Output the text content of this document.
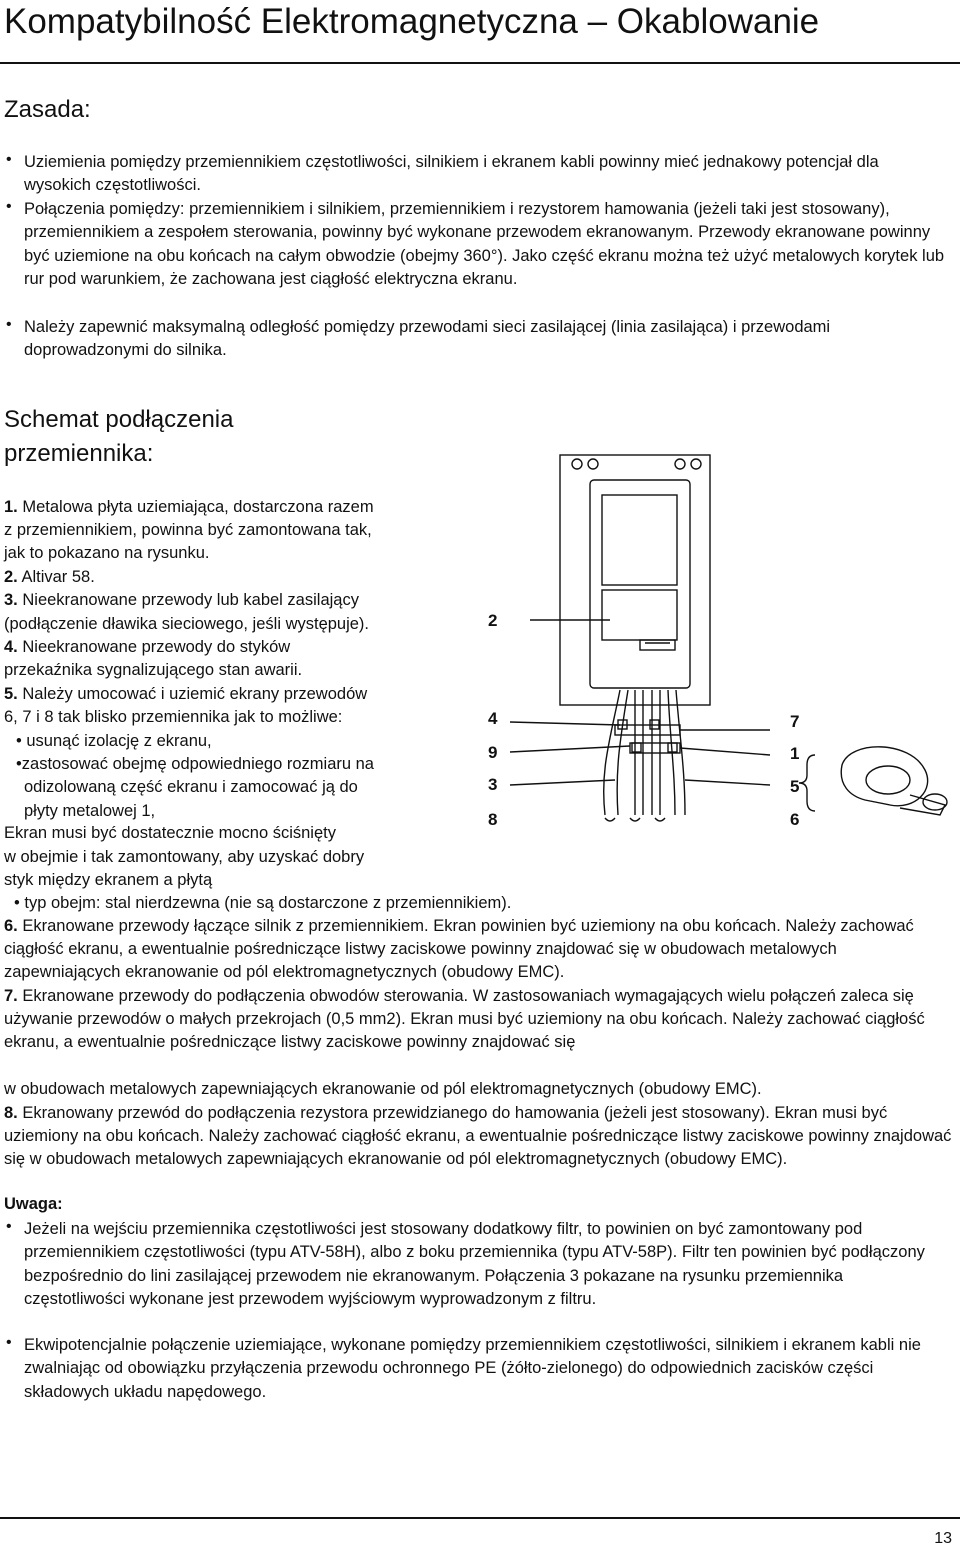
Kompatybilność Elektromagnetyczna – Okablowanie
Zasada:
• Uziemienia pomiędzy przemiennikiem częstotliwości, silnikiem i ekranem kabli powinny mieć jednakowy potencjał dla wysokich częstotliwości.
• Połączenia pomiędzy: przemiennikiem i silnikiem, przemiennikiem i rezystorem hamowania (jeżeli taki jest stosowany), przemiennikiem a zespołem sterowania, powinny być wykonane przewodem ekranowanym. Przewody ekranowane powinny być uziemione na obu końcach na całym obwodzie (obejmy 360°). Jako część ekranu można też użyć metalowych korytek lub rur pod warunkiem, że zachowana jest ciągłość elektryczna ekranu.
• Należy zapewnić maksymalną odległość pomiędzy przewodami sieci zasilającej (linia zasilająca) i przewodami doprowadzonymi do silnika.
Schemat podłączenia
przemiennika:
1. Metalowa płyta uziemiająca, dostarczona razem
z przemiennikiem, powinna być zamontowana tak,
jak to pokazano na rysunku.
2. Altivar 58.
3. Nieekranowane przewody lub kabel zasilający
(podłączenie dławika sieciowego, jeśli występuje).
4. Nieekranowane przewody do styków
przekaźnika sygnalizującego stan awarii.
5. Należy umocować i uziemić ekrany przewodów
6, 7 i 8 tak blisko przemiennika jak to możliwe:
• usunąć izolację z ekranu,
•zastosować obejmę odpowiedniego rozmiaru na
odizolowaną część ekranu i zamocować ją do
płyty metalowej 1,
Ekran musi być dostatecznie mocno ściśnięty
w obejmie i tak zamontowany, aby uzyskać dobry
styk między ekranem a płytą
• typ obejm: stal nierdzewna (nie są dostarczone z przemiennikiem).
2
4
9
3
8
7
1
5
6
6. Ekranowane przewody łączące silnik z przemiennikiem. Ekran powinien być uziemiony na obu końcach. Należy zachować ciągłość ekranu, a ewentualnie pośredniczące listwy zaciskowe powinny znajdować się w obudowach metalowych zapewniających ekranowanie od pól elektromagnetycznych (obudowy EMC).
7. Ekranowane przewody do podłączenia obwodów sterowania. W zastosowaniach wymagających wielu połączeń zaleca się używanie przewodów o małych przekrojach (0,5 mm2). Ekran musi być uziemiony na obu końcach. Należy zachować ciągłość ekranu, a ewentualnie pośredniczące listwy zaciskowe powinny znajdować się
w obudowach metalowych zapewniających ekranowanie od pól elektromagnetycznych (obudowy EMC).
8. Ekranowany przewód do podłączenia rezystora przewidzianego do hamowania (jeżeli jest stosowany). Ekran musi być uziemiony na obu końcach. Należy zachować ciągłość ekranu, a ewentualnie pośredniczące listwy zaciskowe powinny znajdować się w obudowach metalowych zapewniających ekranowanie od pól elektromagnetycznych (obudowy EMC).
Uwaga:
• Jeżeli na wejściu przemiennika częstotliwości jest stosowany dodatkowy filtr, to powinien on być zamontowany pod przemiennikiem częstotliwości (typu ATV-58H), albo z boku przemiennika (typu ATV-58P). Filtr ten powinien być podłączony bezpośrednio do lini zasilającej przewodem nie ekranowanym. Połączenia 3 pokazane na rysunku przemiennika częstotliwości wykonane jest przewodem wyjściowym wyprowadzonym z filtru.
• Ekwipotencjalnie połączenie uziemiające, wykonane pomiędzy przemiennikiem częstotliwości, silnikiem i ekranem kabli nie zwalniając od obowiązku przyłączenia przewodu ochronnego PE (żółto-zielonego) do odpowiednich zacisków części składowych układu napędowego.
13
